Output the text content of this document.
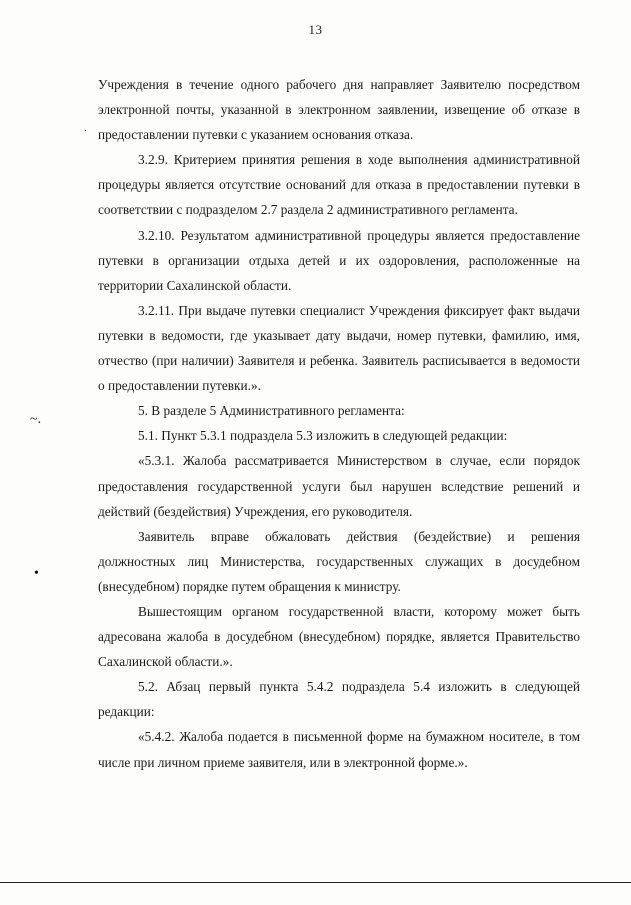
13

Учреждения в течение одного рабочего дня направляет Заявителю посредством электронной почты, указанной в электронном заявлении, извещение об отказе в предоставлении путевки с указанием основания отказа.

3.2.9. Критерием принятия решения в ходе выполнения административной процедуры является отсутствие оснований для отказа в предоставлении путевки в соответствии с подразделом 2.7 раздела 2 административного регламента.

3.2.10. Результатом административной процедуры является предоставление путевки в организации отдыха детей и их оздоровления, расположенные на территории Сахалинской области.

3.2.11. При выдаче путевки специалист Учреждения фиксирует факт выдачи путевки в ведомости, где указывает дату выдачи, номер путевки, фамилию, имя, отчество (при наличии) Заявителя и ребенка. Заявитель расписывается в ведомости о предоставлении путевки.».

5. В разделе 5 Административного регламента:

5.1. Пункт 5.3.1 подраздела 5.3 изложить в следующей редакции:

«5.3.1. Жалоба рассматривается Министерством в случае, если порядок предоставления государственной услуги был нарушен вследствие решений и действий (бездействия) Учреждения, его руководителя.

Заявитель вправе обжаловать действия (бездействие) и решения должностных лиц Министерства, государственных служащих в досудебном (внесудебном) порядке путем обращения к министру.

Вышестоящим органом государственной власти, которому может быть адресована жалоба в досудебном (внесудебном) порядке, является Правительство Сахалинской области.».

5.2. Абзац первый пункта 5.4.2 подраздела 5.4 изложить в следующей редакции:

«5.4.2. Жалоба подается в письменной форме на бумажном носителе, в том числе при личном приеме заявителя, или в электронной форме.».

.
~.
•
